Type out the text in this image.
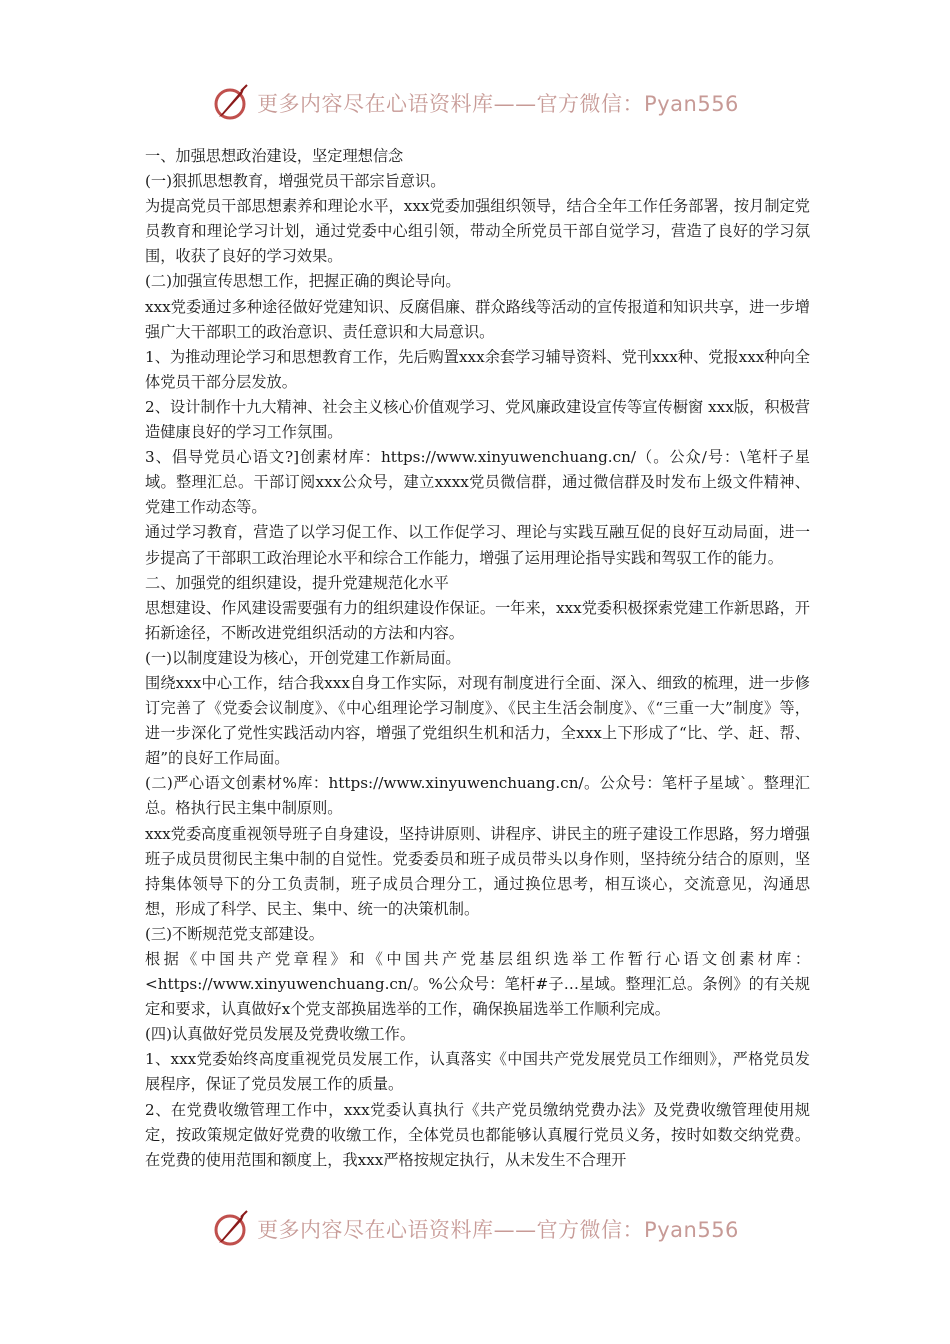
更多内容尽在心语资料库——官方微信：Pyan556

一、加强思想政治建设，坚定理想信念

(一)狠抓思想教育，增强党员干部宗旨意识。

为提高党员干部思想素养和理论水平，xxx党委加强组织领导，结合全年工作任务部署，按月制定党员教育和理论学习计划，通过党委中心组引领，带动全所党员干部自觉学习，营造了良好的学习氛围，收获了良好的学习效果。

(二)加强宣传思想工作，把握正确的舆论导向。

xxx党委通过多种途径做好党建知识、反腐倡廉、群众路线等活动的宣传报道和知识共享，进一步增强广大干部职工的政治意识、责任意识和大局意识。

1、为推动理论学习和思想教育工作，先后购置xxx余套学习辅导资料、党刊xxx种、党报xxx种向全体党员干部分层发放。

2、设计制作十九大精神、社会主义核心价值观学习、党风廉政建设宣传等宣传橱窗 xxx版，积极营造健康良好的学习工作氛围。

3、倡导党员心语文?]创素材库：https://www.xinyuwenchuang.cn/（。公众/号：\笔杆子星域。整理汇总。干部订阅xxx公众号，建立xxxx党员微信群，通过微信群及时发布上级文件精神、党建工作动态等。

通过学习教育，营造了以学习促工作、以工作促学习、理论与实践互融互促的良好互动局面，进一步提高了干部职工政治理论水平和综合工作能力，增强了运用理论指导实践和驾驭工作的能力。

二、加强党的组织建设，提升党建规范化水平

思想建设、作风建设需要强有力的组织建设作保证。一年来，xxx党委积极探索党建工作新思路，开拓新途径，不断改进党组织活动的方法和内容。

(一)以制度建设为核心，开创党建工作新局面。

围绕xxx中心工作，结合我xxx自身工作实际，对现有制度进行全面、深入、细致的梳理，进一步修订完善了《党委会议制度》、《中心组理论学习制度》、《民主生活会制度》、《“三重一大”制度》等，进一步深化了党性实践活动内容，增强了党组织生机和活力，全xxx上下形成了“比、学、赶、帮、超”的良好工作局面。

(二)严心语文创素材%库：https://www.xinyuwenchuang.cn/。公众号：笔杆子星域`。整理汇总。格执行民主集中制原则。

xxx党委高度重视领导班子自身建设，坚持讲原则、讲程序、讲民主的班子建设工作思路，努力增强班子成员贯彻民主集中制的自觉性。党委委员和班子成员带头以身作则，坚持统分结合的原则，坚持集体领导下的分工负责制，班子成员合理分工，通过换位思考，相互谈心，交流意见，沟通思想，形成了科学、民主、集中、统一的决策机制。

(三)不断规范党支部建设。

根据《中国共产党章程》和《中国共产党基层组织选举工作暂行心语文创素材库：<https://www.xinyuwenchuang.cn/。%公众号：笔杆#子…星域。整理汇总。条例》的有关规定和要求，认真做好x个党支部换届选举的工作，确保换届选举工作顺利完成。

(四)认真做好党员发展及党费收缴工作。

1、xxx党委始终高度重视党员发展工作，认真落实《中国共产党发展党员工作细则》，严格党员发展程序，保证了党员发展工作的质量。

2、在党费收缴管理工作中，xxx党委认真执行《共产党员缴纳党费办法》及党费收缴管理使用规定，按政策规定做好党费的收缴工作，全体党员也都能够认真履行党员义务，按时如数交纳党费。在党费的使用范围和额度上，我xxx严格按规定执行，从未发生不合理开

更多内容尽在心语资料库——官方微信：Pyan556
